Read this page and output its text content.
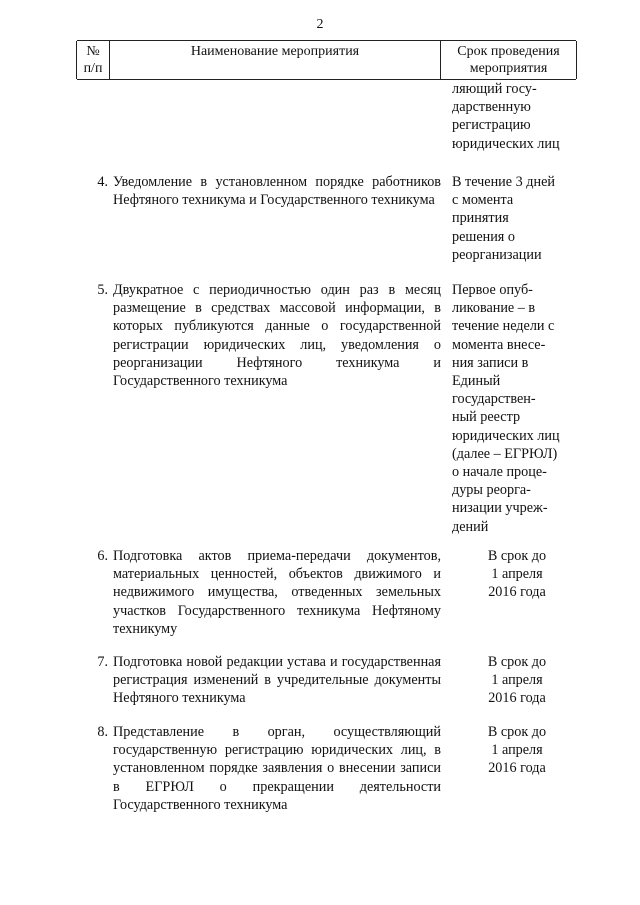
2
№
п/п
Наименование мероприятия	Срок проведения
мероприятия
ляющий госу-
дарственную
регистрацию
юридических лиц
4. Уведомление в установленном порядке работников Нефтяного техникума и Государственного техникума
В течение 3 дней
с момента
принятия
решения о
реорганизации
5. Двукратное с периодичностью один раз в месяц размещение в средствах массовой информации, в которых публикуются данные о государственной регистрации юридических лиц, уведомления о реорганизации Нефтяного техникума и Государственного техникума
Первое опуб-
ликование – в
течение недели с
момента внесе-
ния записи в
Единый
государствен-
ный реестр
юридических лиц
(далее – ЕГРЮЛ)
о начале проце-
дуры реорга-
низации учреж-
дений
6. Подготовка актов приема-передачи документов, материальных ценностей, объектов движимого и недвижимого имущества, отведенных земельных участков Государственного техникума Нефтяному техникуму
В срок до
1 апреля
2016 года
7. Подготовка новой редакции устава и государственная регистрация изменений в учредительные документы Нефтяного техникума
В срок до
1 апреля
2016 года
8. Представление в орган, осуществляющий государственную регистрацию юридических лиц, в установленном порядке заявления о внесении записи в ЕГРЮЛ о прекращении деятельности Государственного техникума
В срок до
1 апреля
2016 года
